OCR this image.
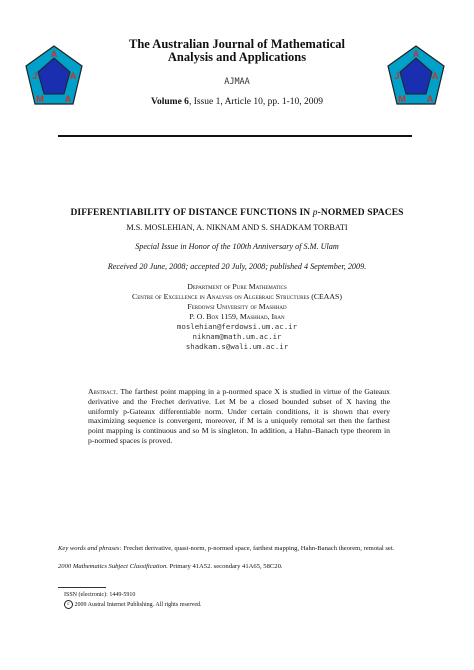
A
J	A
M A
A
J	A
M A
The Australian Journal of Mathematical
Analysis and Applications
AJMAA
Volume 6, Issue 1, Article 10, pp. 1-10, 2009
DIFFERENTIABILITY OF DISTANCE FUNCTIONS IN p-NORMED SPACES
M.S. MOSLEHIAN, A. NIKNAM AND S. SHADKAM TORBATI
Special Issue in Honor of the 100th Anniversary of S.M. Ulam
Received 20 June, 2008; accepted 20 July, 2008; published 4 September, 2009.
Department of Pure Mathematics
Centre of Excellence in Analysis on Algebraic Structures (CEAAS)
Ferdowsi University of Mashhad
P. O. Box 1159, Mashhad, Iran
moslehian@ferdowsi.um.ac.ir
niknam@math.um.ac.ir
shadkam.s@wali.um.ac.ir
Abstract. The farthest point mapping in a p-normed space X is studied in virtue of the Gateaux derivative and the Frechet derivative. Let M be a closed bounded subset of X having the uniformly p-Gateaux differentiable norm. Under certain conditions, it is shown that every maximizing sequence is convergent, moreover, if M is a uniquely remotal set then the farthest point mapping is continuous and so M is singleton. In addition, a Hahn–Banach type theorem in p-normed spaces is proved.
Key words and phrases: Frechet derivative, quasi-norm, p-normed space, farthest mapping, Hahn-Banach theorem, remotal set.
2000 Mathematics Subject Classification. Primary 41A52. secondary 41A65, 58C20.
ISSN (electronic): 1449-5910
c 2009 Austral Internet Publishing. All rights reserved.
